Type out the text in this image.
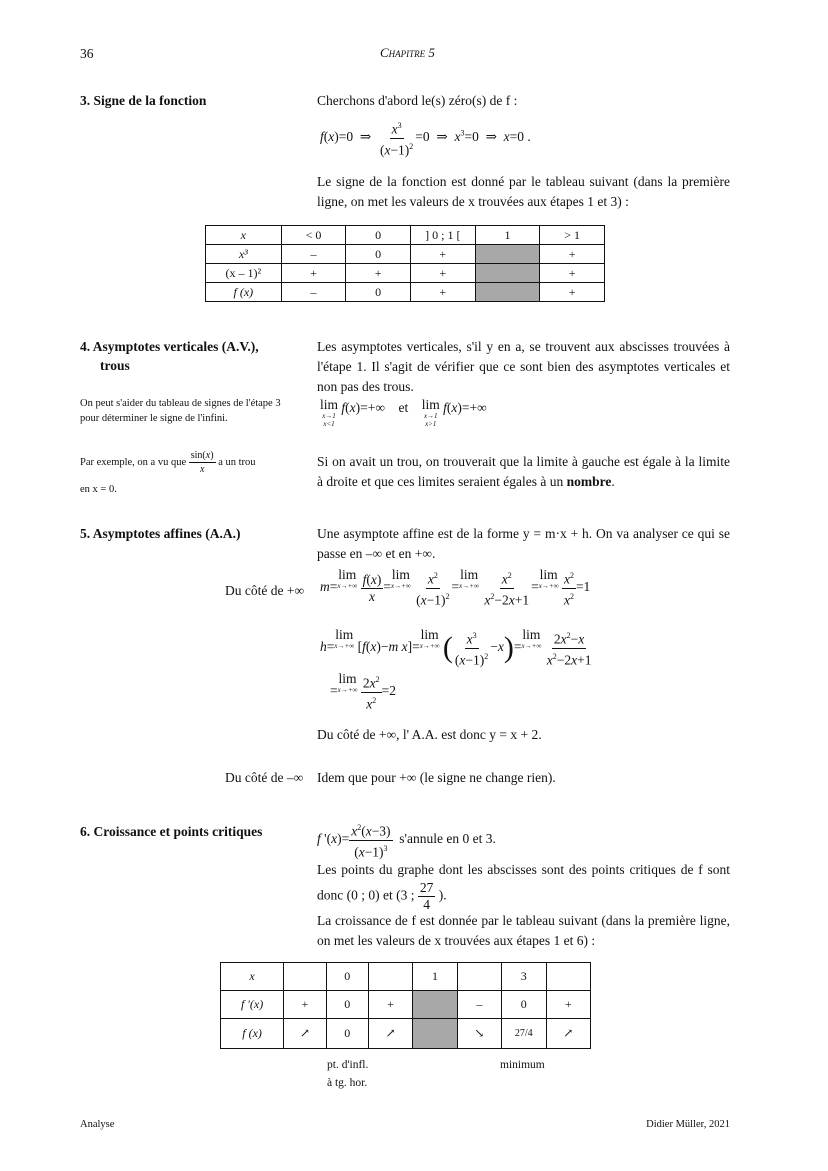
36	Chapitre 5
3. Signe de la fonction	Cherchons d'abord le(s) zéro(s) de f :
f(x)=0  ⇒ $\frac{x^3}{(x-1)^2} =0$  ⇒  $x^3=0$  ⇒  x=0 .
Le signe de la fonction est donné par le tableau suivant (dans la première ligne, on met les valeurs de x trouvées aux étapes 1 et 3) :
x	< 0	0	] 0 ; 1 [	1	> 1
x³	–	0	+		+
(x – 1)²	+	+	+		+
f (x)	–	0	+		+
4. Asymptotes verticales (A.V.),
trous
Les asymptotes verticales, s'il y en a, se trouvent aux abscisses trouvées à l'étape 1. Il s'agit de vérifier que ce sont bien des asymptotes verticales et non pas des trous.
On peut s'aider du tableau de signes de l'étape 3 pour déterminer le signe de l'infini.
lim
x→1
x<1
f(x)=+∞    et lim
x→1
x>1
f(x)=+∞
Par exemple, on a vu que $\frac{\sin(x)}{x}$ a un trou
en x = 0.
Si on avait un trou, on trouverait que la limite à gauche est égale à la limite à droite et que ces limites seraient égales à un nombre.
5. Asymptotes affines (A.A.)	Une asymptote affine est de la forme y = m·x + h. On va analyser ce qui se passe en –∞ et en +∞.
Du côté de +∞ m=
lim
x→+∞
$\frac{f(x)}{x}$ =
lim
x→+∞
$\frac{x^2}{(x-1)^2}$ =
lim
x→+∞
$\frac{x^2}{x^2-2x+1}$ =
lim
x→+∞
$\frac{x^2}{x^2} =1$
h=
lim
x→+∞ [f(x)−m x]=
lim
x→+∞ ( $\frac{x^3}{(x-1)^2} -x)=$
lim
x→+∞
$\frac{2x^2-x}{x^2-2x+1}$
=
lim
x→+∞
$\frac{2x^2}{x^2} =2$
Du côté de +∞, l' A.A. est donc y = x + 2.
Du côté de –∞ Idem que pour +∞ (le signe ne change rien).
6. Croissance et points critiques	f '$(x)= \frac{x^2(x-3)}{(x-1)^3}$ s'annule en 0 et 3.
Les points du graphe dont les abscisses sont des points critiques de f sont donc (0 ; 0) et (3 ; $\frac{27}{4}$ ).
La croissance de f est donnée par le tableau suivant (dans la première ligne, on met les valeurs de x trouvées aux étapes 1 et 6) :
x		0		1		3	
f '(x)	+	0	+		–	0	+
f (x)	↗	0	↗		↘	27/4	↗
pt. d'infl.
à tg. hor.
minimum
Analyse	Didier Müller, 2021
